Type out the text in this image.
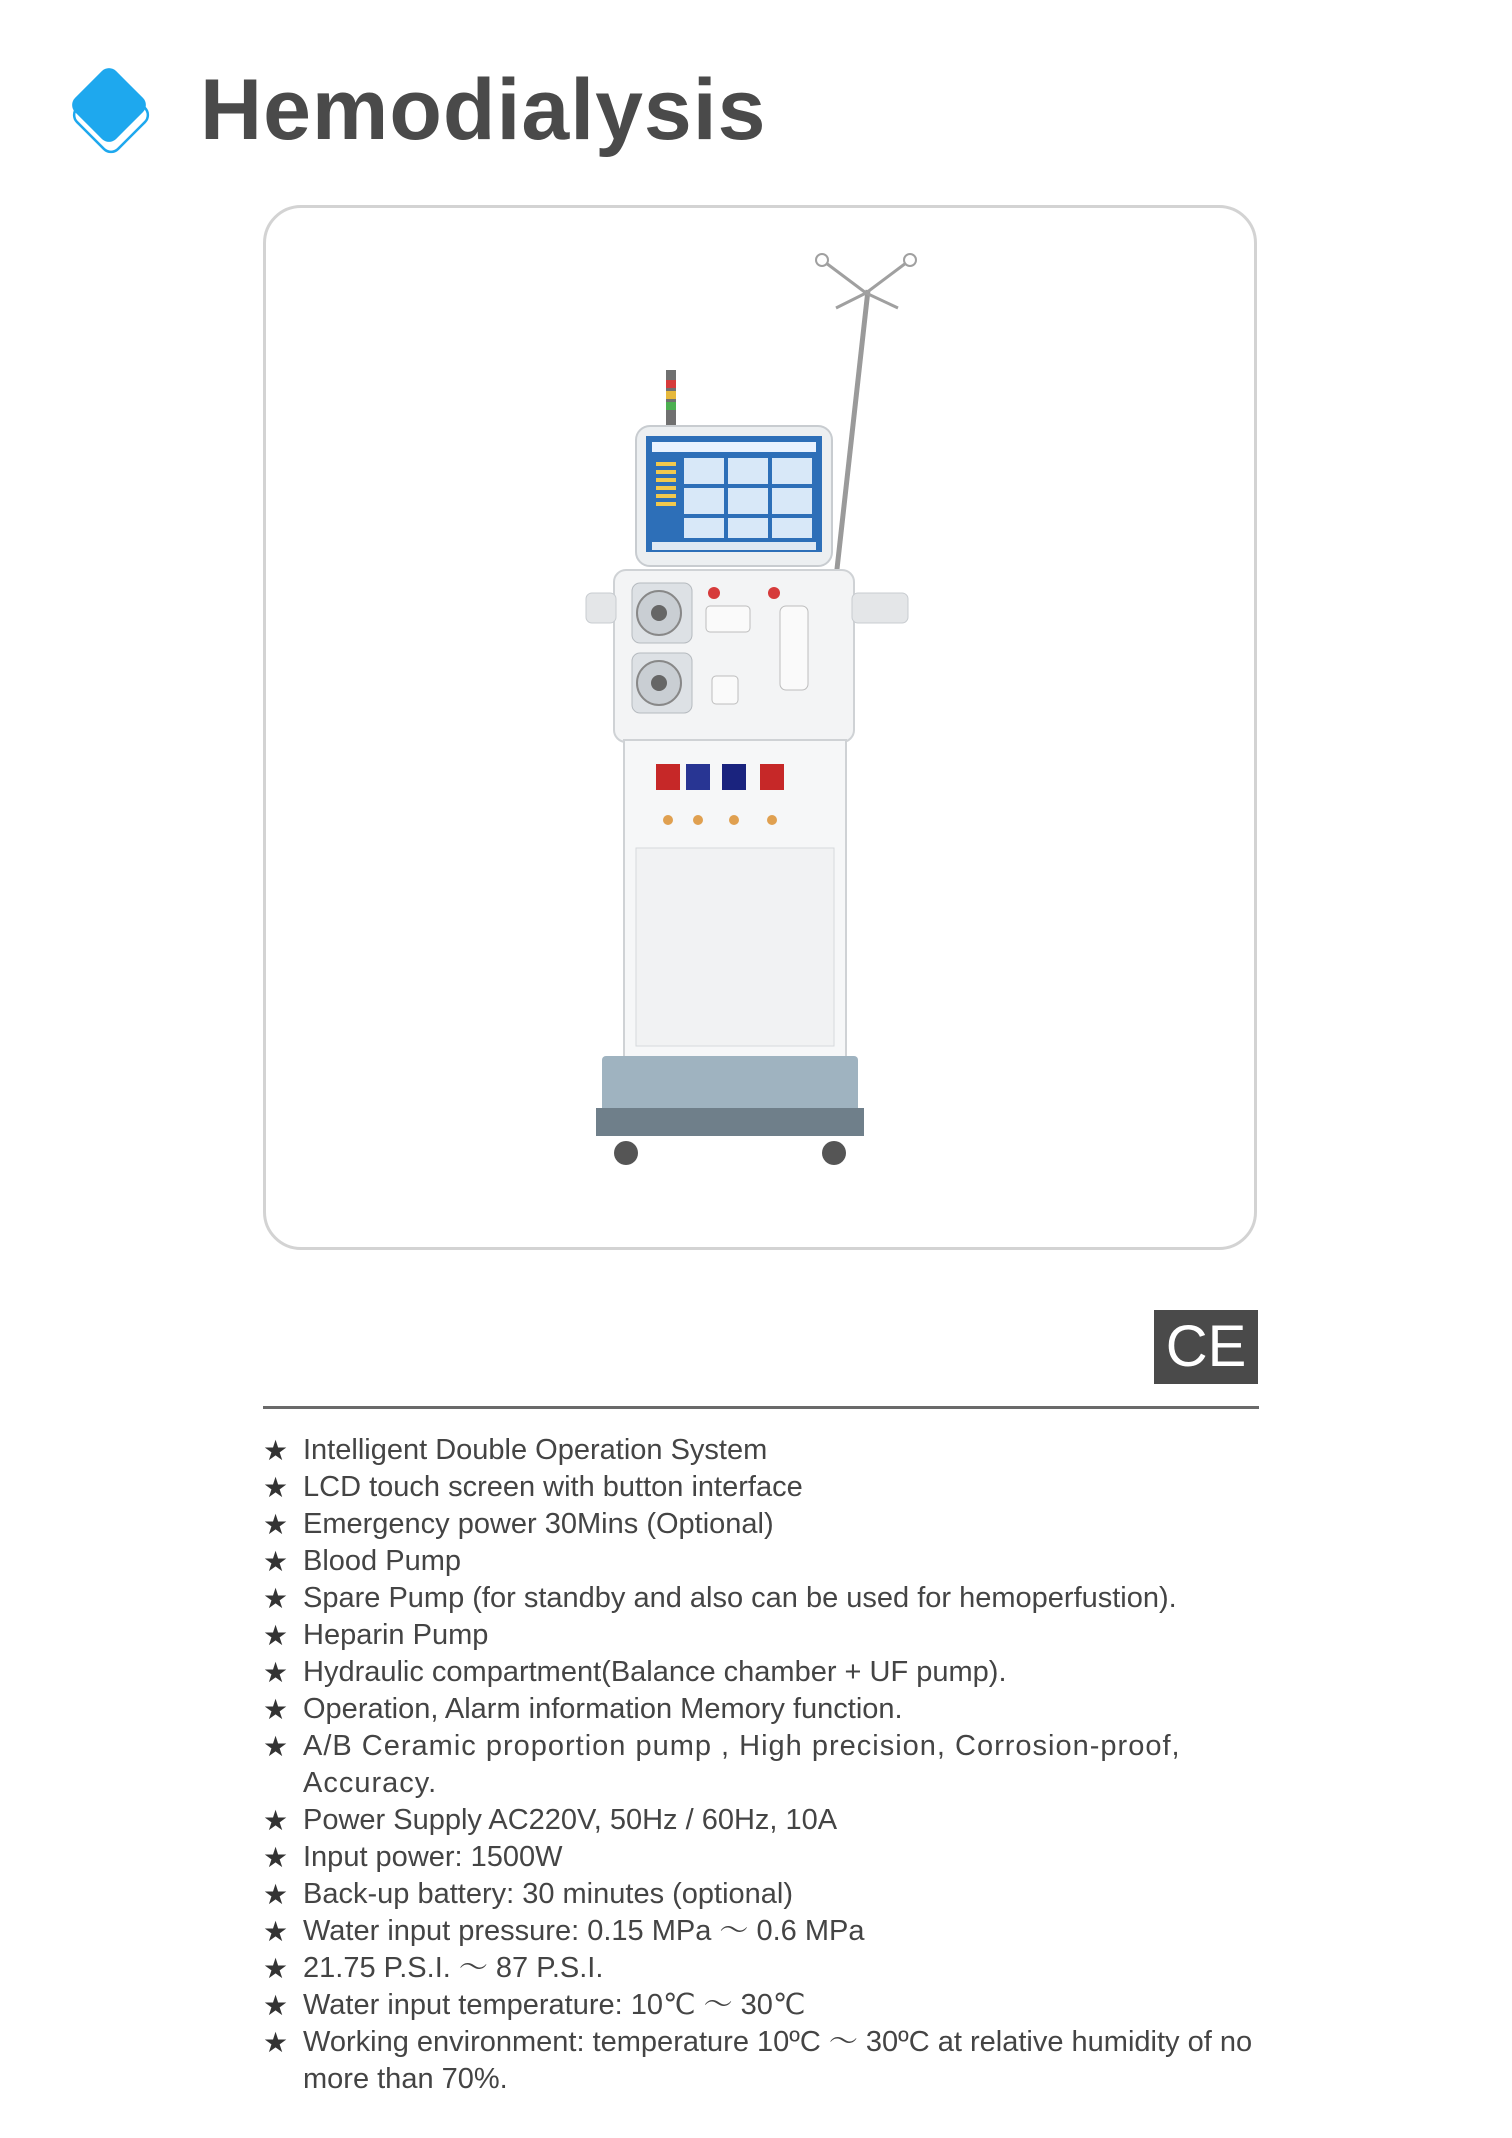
Hemodialysis
CE
★ Intelligent Double Operation System
★ LCD touch screen with button interface
★ Emergency power 30Mins (Optional)
★ Blood Pump
★ Spare Pump (for standby and also can be used for hemoperfustion).
★ Heparin Pump
★ Hydraulic compartment(Balance chamber + UF pump).
★ Operation, Alarm information Memory function.
★ A/B Ceramic proportion pump , High precision, Corrosion-proof, Accuracy.
★ Power Supply AC220V, 50Hz / 60Hz, 10A
★ Input power: 1500W
★ Back-up battery: 30 minutes (optional)
★ Water input pressure: 0.15 MPa ～ 0.6 MPa
★ 21.75 P.S.I. ～ 87 P.S.I.
★ Water input temperature: 10℃ ～ 30℃
★ Working environment: temperature 10ºC ～ 30ºC at relative humidity of no more than 70%.
